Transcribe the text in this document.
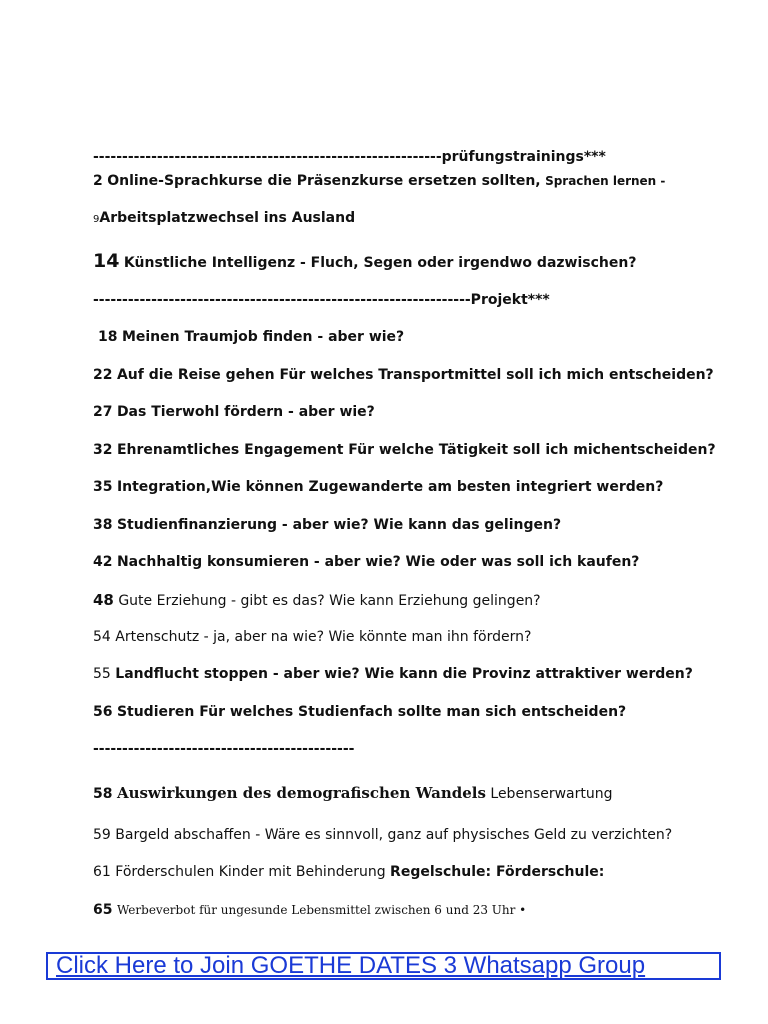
------------------------------------------------------------prüfungstrainings***
2 Online-Sprachkurse die Präsenzkurse ersetzen sollten, Sprachen lernen -
9Arbeitsplatzwechsel ins Ausland
14 Künstliche Intelligenz - Fluch, Segen oder irgendwo dazwischen?
-----------------------------------------------------------------Projekt***
18 Meinen Traumjob finden - aber wie?
22 Auf die Reise gehen Für welches Transportmittel soll ich mich entscheiden?
27 Das Tierwohl fördern - aber wie?
32 Ehrenamtliches Engagement Für welche Tätigkeit soll ich michentscheiden?
35 Integration,Wie können Zugewanderte am besten integriert werden?
38 Studienfinanzierung - aber wie? Wie kann das gelingen?
42 Nachhaltig konsumieren - aber wie? Wie oder was soll ich kaufen?
48 Gute Erziehung - gibt es das? Wie kann Erziehung gelingen?
54 Artenschutz - ja, aber na wie? Wie könnte man ihn fördern?
55 Landflucht stoppen - aber wie? Wie kann die Provinz attraktiver werden?
56 Studieren Für welches Studienfach sollte man sich entscheiden?
---------------------------------------------
58 Auswirkungen des demografischen Wandels Lebenserwartung
59 Bargeld abschaffen - Wäre es sinnvoll, ganz auf physisches Geld zu verzichten?
61 Förderschulen Kinder mit Behinderung Regelschule: Förderschule:
65 Werbeverbot für ungesunde Lebensmittel zwischen 6 und 23 Uhr •
Click Here to Join GOETHE DATES 3 Whatsapp Group
